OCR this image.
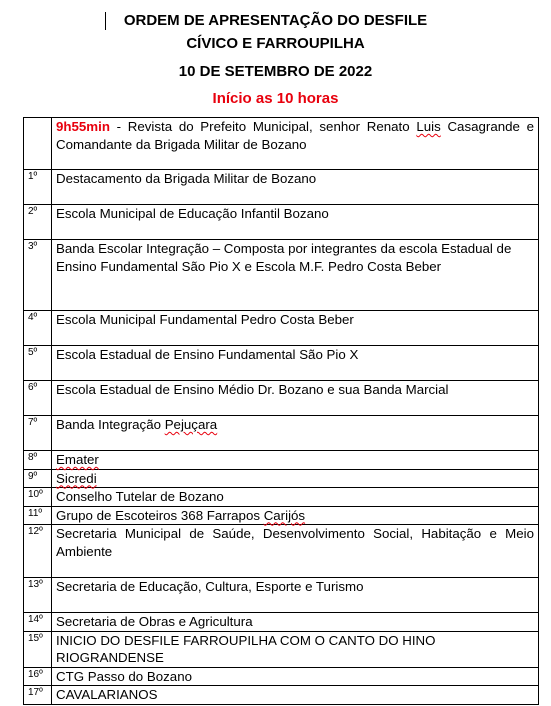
ORDEM DE APRESENTAÇÃO DO DESFILE
CÍVICO E FARROUPILHA
10 DE SETEMBRO DE 2022
Início as 10 horas
	9h55min - Revista do Prefeito Municipal, senhor Renato Luis Casagrande e Comandante da Brigada Militar de Bozano
1º	Destacamento da Brigada Militar de Bozano
2º	Escola Municipal de Educação Infantil Bozano
3º	Banda Escolar Integração – Composta por integrantes da escola Estadual de Ensino Fundamental São Pio X e Escola M.F. Pedro Costa Beber
4º	Escola Municipal Fundamental Pedro Costa Beber
5º	Escola Estadual de Ensino Fundamental São Pio X
6º	Escola Estadual de Ensino Médio Dr. Bozano e sua Banda Marcial
7º	Banda Integração Pejuçara
8º	Emater
9º	Sicredi
10º	Conselho Tutelar de Bozano
11º	Grupo de Escoteiros 368 Farrapos Carijós
12º	Secretaria Municipal de Saúde, Desenvolvimento Social, Habitação e Meio Ambiente
13º	Secretaria de Educação, Cultura, Esporte e Turismo
14º	Secretaria de Obras e Agricultura
15º	INICIO DO DESFILE FARROUPILHA COM O CANTO DO HINO RIOGRANDENSE
16º	CTG Passo do Bozano
17º	CAVALARIANOS
